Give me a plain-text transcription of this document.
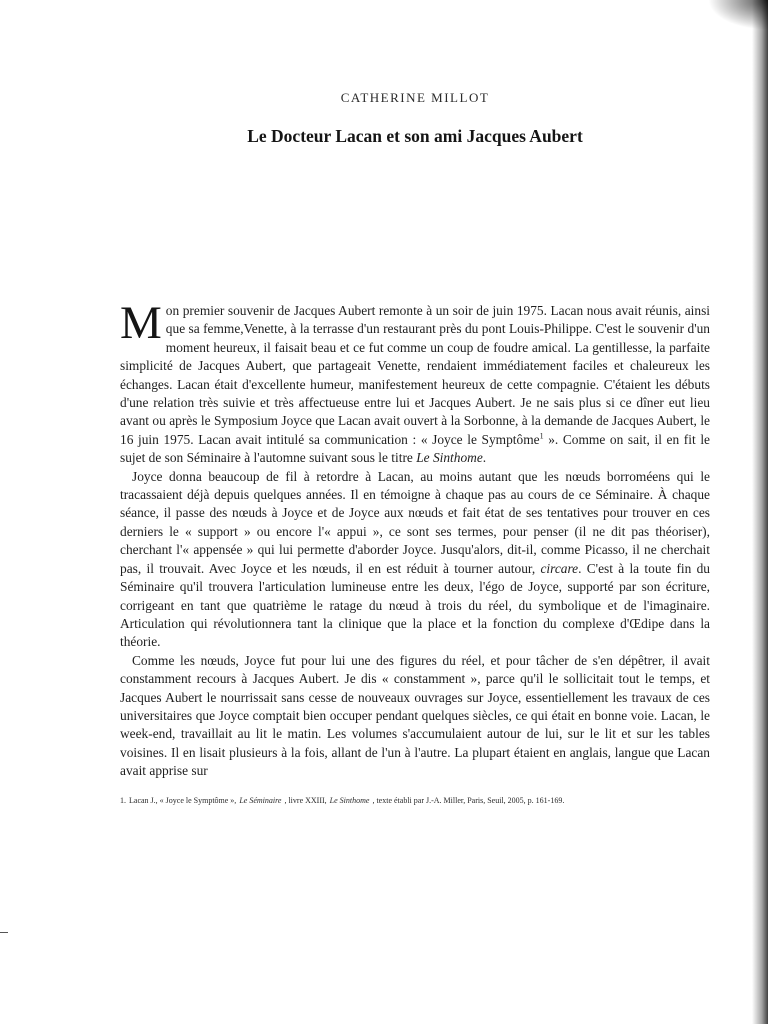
CATHERINE MILLOT

Le Docteur Lacan et son ami Jacques Aubert

Mon premier souvenir de Jacques Aubert remonte à un soir de juin 1975. Lacan nous avait réunis, ainsi que sa femme,Venette, à la terrasse d'un restaurant près du pont Louis-Philippe. C'est le souvenir d'un moment heureux, il faisait beau et ce fut comme un coup de foudre amical. La gentillesse, la parfaite simplicité de Jacques Aubert, que partageait Venette, rendaient immédiatement faciles et chaleureux les échanges. Lacan était d'excellente humeur, manifestement heureux de cette compagnie. C'étaient les débuts d'une relation très suivie et très affectueuse entre lui et Jacques Aubert. Je ne sais plus si ce dîner eut lieu avant ou après le Symposium Joyce que Lacan avait ouvert à la Sorbonne, à la demande de Jacques Aubert, le 16 juin 1975. Lacan avait intitulé sa communication : « Joyce le Symptôme$^1$ ». Comme on sait, il en fit le sujet de son Séminaire à l'automne suivant sous le titre Le Sinthome.

Joyce donna beaucoup de fil à retordre à Lacan, au moins autant que les nœuds borroméens qui le tracassaient déjà depuis quelques années. Il en témoigne à chaque pas au cours de ce Séminaire. À chaque séance, il passe des nœuds à Joyce et de Joyce aux nœuds et fait état de ses tentatives pour trouver en ces derniers le « support » ou encore l'« appui », ce sont ses termes, pour penser (il ne dit pas théoriser), cherchant l'« appensée » qui lui permette d'aborder Joyce. Jusqu'alors, dit-il, comme Picasso, il ne cherchait pas, il trouvait. Avec Joyce et les nœuds, il en est réduit à tourner autour, circare. C'est à la toute fin du Séminaire qu'il trouvera l'articulation lumineuse entre les deux, l'égo de Joyce, supporté par son écriture, corrigeant en tant que quatrième le ratage du nœud à trois du réel, du symbolique et de l'imaginaire. Articulation qui révolutionnera tant la clinique que la place et la fonction du complexe d'Œdipe dans la théorie.

Comme les nœuds, Joyce fut pour lui une des figures du réel, et pour tâcher de s'en dépêtrer, il avait constamment recours à Jacques Aubert. Je dis « constamment », parce qu'il le sollicitait tout le temps, et Jacques Aubert le nourrissait sans cesse de nouveaux ouvrages sur Joyce, essentiellement les travaux de ces universitaires que Joyce comptait bien occuper pendant quelques siècles, ce qui était en bonne voie. Lacan, le week-end, travaillait au lit le matin. Les volumes s'accumulaient autour de lui, sur le lit et sur les tables voisines. Il en lisait plusieurs à la fois, allant de l'un à l'autre. La plupart étaient en anglais, langue que Lacan avait apprise sur

1. Lacan J., « Joyce le Symptôme », Le Séminaire , livre XXIII, Le Sinthome , texte établi par J.-A. Miller, Paris, Seuil, 2005, p. 161-169.
